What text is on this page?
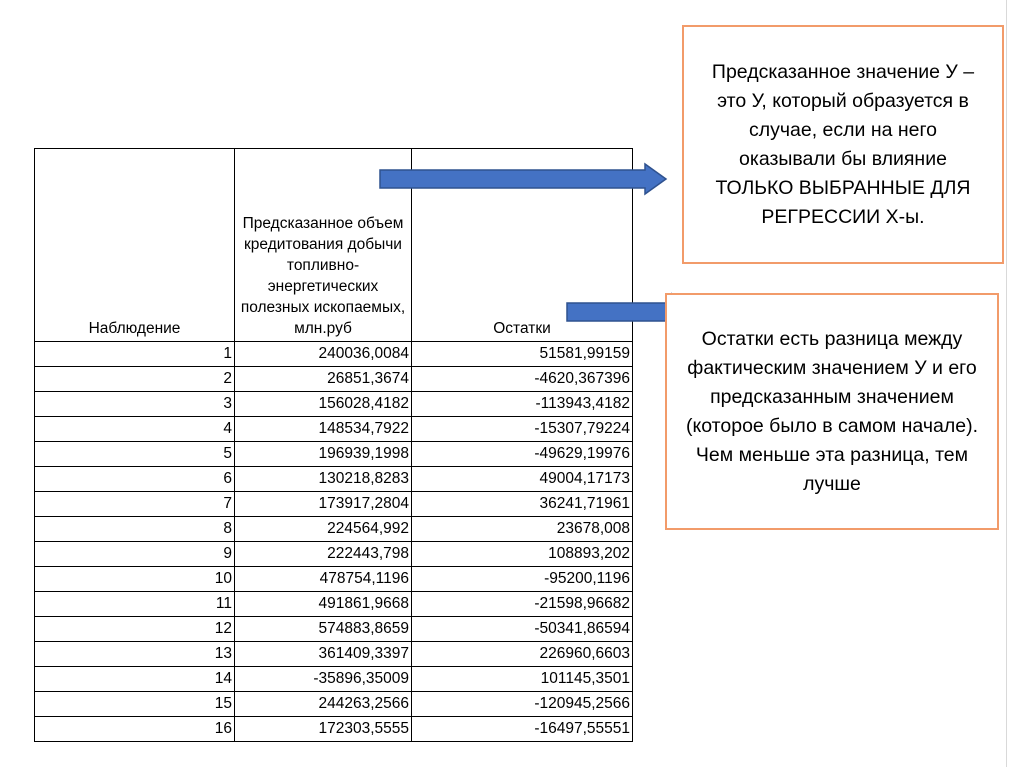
Наблюдение	Предсказанное объем кредитования добычи топливно-энергетических полезных ископаемых, млн.руб	Остатки
1	240036,0084	51581,99159
2	26851,3674	-4620,367396
3	156028,4182	-113943,4182
4	148534,7922	-15307,79224
5	196939,1998	-49629,19976
6	130218,8283	49004,17173
7	173917,2804	36241,71961
8	224564,992	23678,008
9	222443,798	108893,202
10	478754,1196	-95200,1196
11	491861,9668	-21598,96682
12	574883,8659	-50341,86594
13	361409,3397	226960,6603
14	-35896,35009	101145,3501
15	244263,2566	-120945,2566
16	172303,5555	-16497,55551
Предсказанное значение У – это У, который образуется в случае, если на него оказывали бы влияние ТОЛЬКО ВЫБРАННЫЕ ДЛЯ РЕГРЕССИИ Х-ы.
Остатки есть разница между фактическим значением У и его предсказанным значением (которое было в самом начале). Чем меньше эта разница, тем лучше
